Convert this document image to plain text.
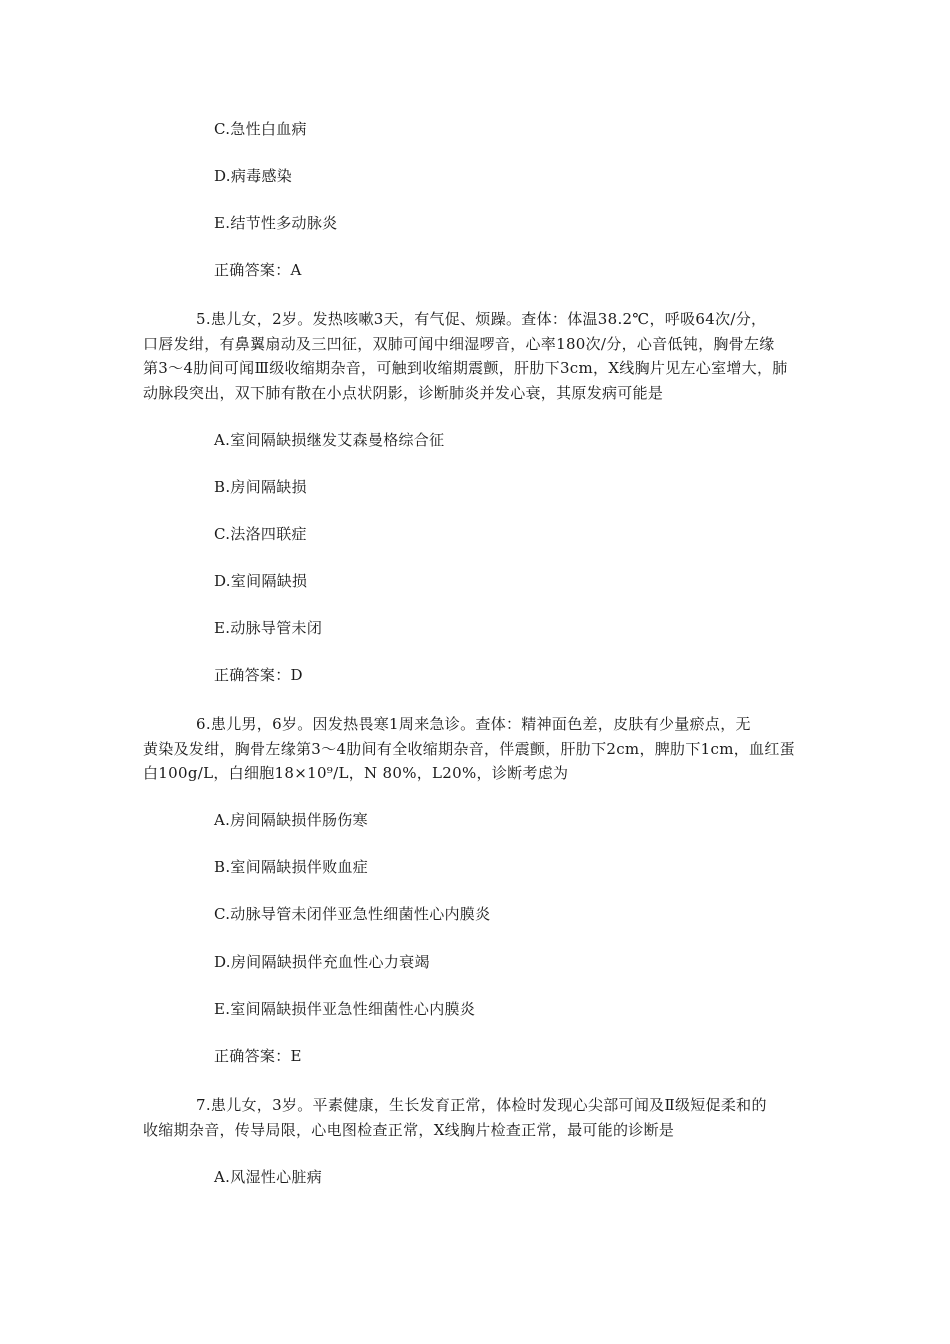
C.急性白血病
D.病毒感染
E.结节性多动脉炎
正确答案：A
5.患儿女，2岁。发热咳嗽3天，有气促、烦躁。查体：体温38.2℃，呼吸64次/分，
口唇发绀，有鼻翼扇动及三凹征，双肺可闻中细湿啰音，心率180次/分，心音低钝，胸骨左缘
第3～4肋间可闻Ⅲ级收缩期杂音，可触到收缩期震颤，肝肋下3cm，X线胸片见左心室增大，肺
动脉段突出，双下肺有散在小点状阴影，诊断肺炎并发心衰，其原发病可能是
A.室间隔缺损继发艾森曼格综合征
B.房间隔缺损
C.法洛四联症
D.室间隔缺损
E.动脉导管未闭
正确答案：D
6.患儿男，6岁。因发热畏寒1周来急诊。查体：精神面色差，皮肤有少量瘀点，无
黄染及发绀，胸骨左缘第3～4肋间有全收缩期杂音，伴震颤，肝肋下2cm，脾肋下1cm，血红蛋
白100g/L，白细胞18×10⁹/L，N 80%，L20%，诊断考虑为
A.房间隔缺损伴肠伤寒
B.室间隔缺损伴败血症
C.动脉导管未闭伴亚急性细菌性心内膜炎
D.房间隔缺损伴充血性心力衰竭
E.室间隔缺损伴亚急性细菌性心内膜炎
正确答案：E
7.患儿女，3岁。平素健康，生长发育正常，体检时发现心尖部可闻及Ⅱ级短促柔和的
收缩期杂音，传导局限，心电图检查正常，X线胸片检查正常，最可能的诊断是
A.风湿性心脏病
